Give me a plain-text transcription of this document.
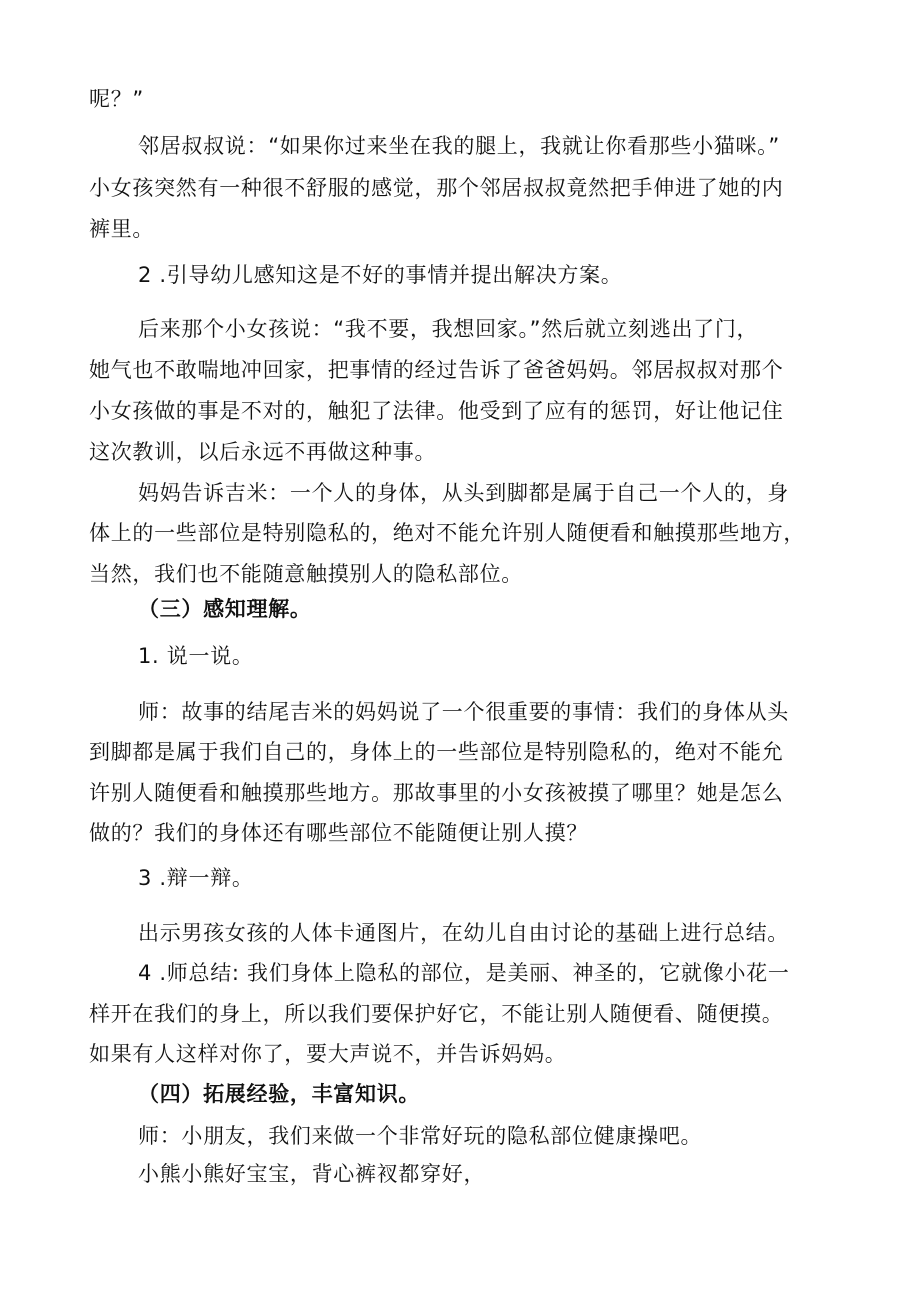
呢？”

邻居叔叔说：“如果你过来坐在我的腿上，我就让你看那些小猫咪。”

小女孩突然有一种很不舒服的感觉，那个邻居叔叔竟然把手伸进了她的内

裤里。

2 .引导幼儿感知这是不好的事情并提出解决方案。

后来那个小女孩说：“我不要，我想回家。”然后就立刻逃出了门，

她气也不敢喘地冲回家，把事情的经过告诉了爸爸妈妈。邻居叔叔对那个

小女孩做的事是不对的，触犯了法律。他受到了应有的惩罚，好让他记住

这次教训，以后永远不再做这种事。

妈妈告诉吉米：一个人的身体，从头到脚都是属于自己一个人的，身

体上的一些部位是特别隐私的，绝对不能允许别人随便看和触摸那些地方，

当然，我们也不能随意触摸别人的隐私部位。

（三）感知理解。

1. 说一说。

师：故事的结尾吉米的妈妈说了一个很重要的事情：我们的身体从头

到脚都是属于我们自己的，身体上的一些部位是特别隐私的，绝对不能允

许别人随便看和触摸那些地方。那故事里的小女孩被摸了哪里？她是怎么

做的？我们的身体还有哪些部位不能随便让别人摸？

3 .辩一辩。

出示男孩女孩的人体卡通图片，在幼儿自由讨论的基础上进行总结。

4 .师总结: 我们身体上隐私的部位，是美丽、神圣的，它就像小花一

样开在我们的身上，所以我们要保护好它，不能让别人随便看、随便摸。

如果有人这样对你了，要大声说不，并告诉妈妈。

（四）拓展经验，丰富知识。

师：小朋友，我们来做一个非常好玩的隐私部位健康操吧。

小熊小熊好宝宝，背心裤衩都穿好，
